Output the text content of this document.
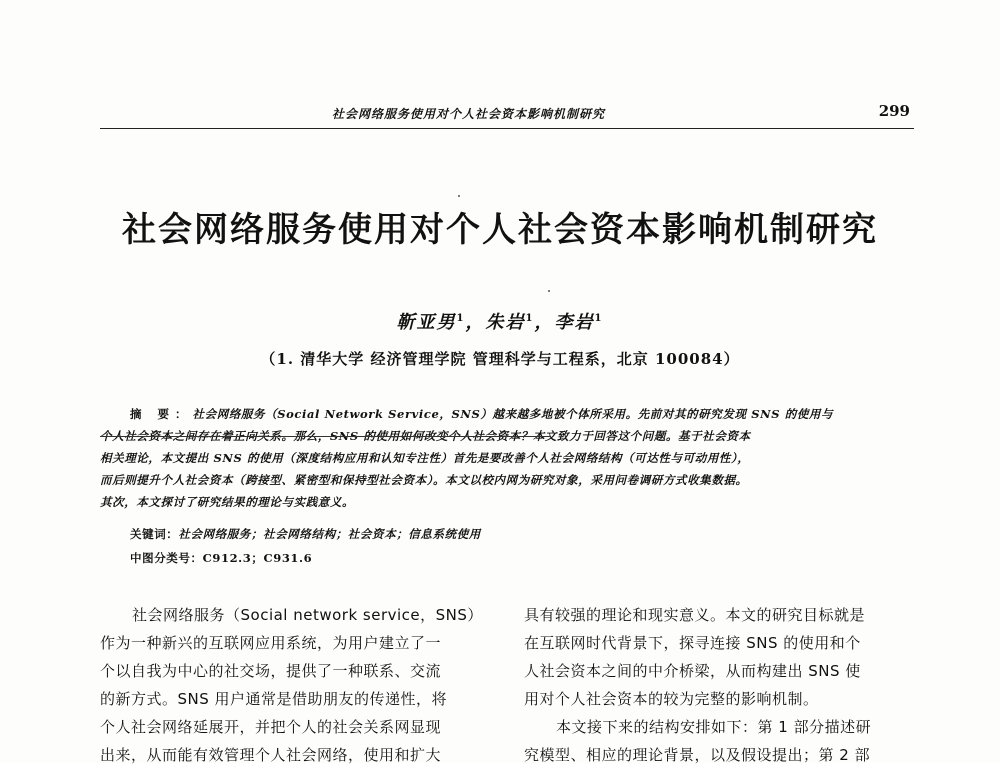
社会网络服务使用对个人社会资本影响机制研究	299
社会网络服务使用对个人社会资本影响机制研究
靳亚男$^1$，朱岩$^1$，李岩$^1$
（1. 清华大学 经济管理学院 管理科学与工程系，北京 100084）
摘 要：社会网络服务（Social Network Service，SNS）越来越多地被个体所采用。先前对其的研究发现 SNS 的使用与
个人社会资本之间存在着正向关系。那么，SNS 的使用如何改变个人社会资本？本文致力于回答这个问题。基于社会资本
相关理论，本文提出 SNS 的使用（深度结构应用和认知专注性）首先是要改善个人社会网络结构（可达性与可动用性），
而后则提升个人社会资本（跨接型、紧密型和保持型社会资本）。本文以校内网为研究对象，采用问卷调研方式收集数据。
其次，本文探讨了研究结果的理论与实践意义。
关键词：社会网络服务；社会网络结构；社会资本；信息系统使用
中图分类号：C912.3；C931.6
社会网络服务（Social network service，SNS）
作为一种新兴的互联网应用系统，为用户建立了一
个以自我为中心的社交场，提供了一种联系、交流
的新方式。SNS 用户通常是借助朋友的传递性，将
个人社会网络延展开，并把个人的社会关系网显现
出来，从而能有效管理个人社会网络，使用和扩大
具有较强的理论和现实意义。本文的研究目标就是
在互联网时代背景下，探寻连接 SNS 的使用和个
人社会资本之间的中介桥梁，从而构建出 SNS 使
用对个人社会资本的较为完整的影响机制。
本文接下来的结构安排如下：第 1 部分描述研
究模型、相应的理论背景，以及假设提出；第 2 部
